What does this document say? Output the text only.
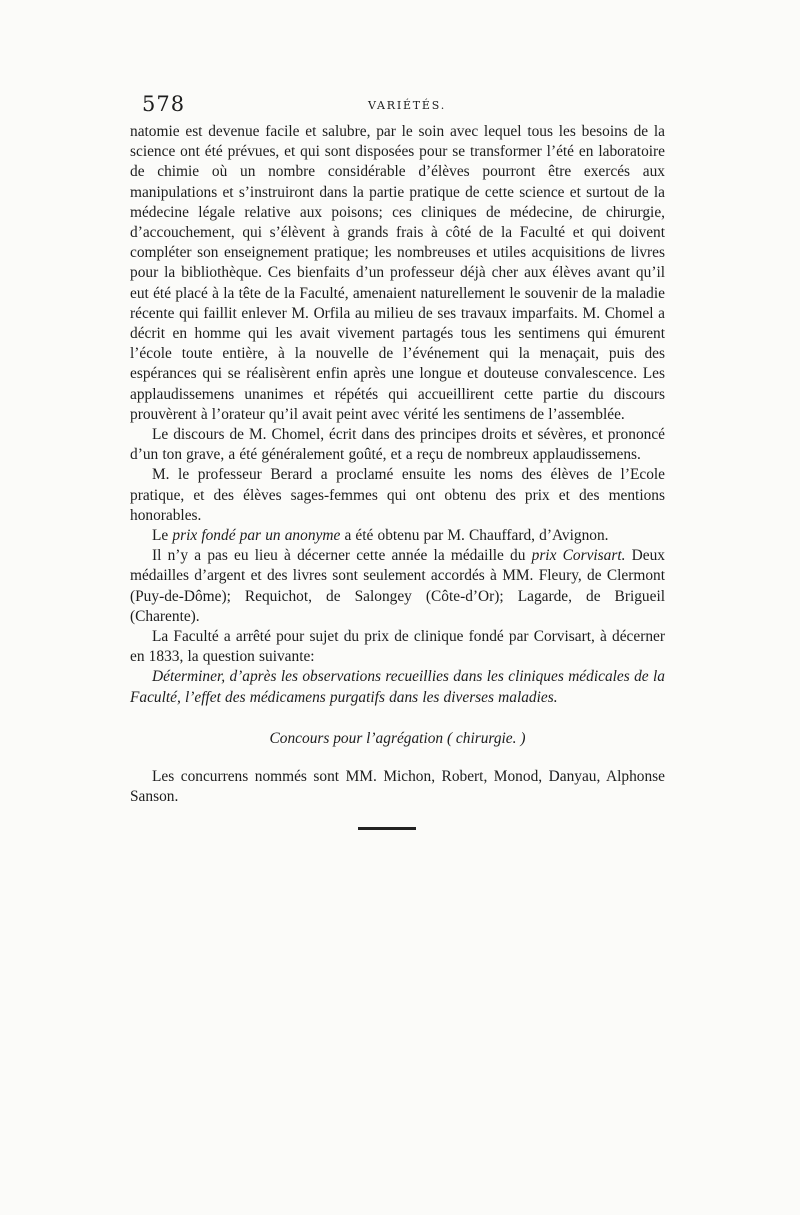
578	VARIÉTÉS.

natomie est devenue facile et salubre, par le soin avec lequel tous les besoins de la science ont été prévues, et qui sont disposées pour se transformer l’été en laboratoire de chimie où un nombre considérable d’élèves pourront être exercés aux manipulations et s’instruiront dans la partie pratique de cette science et surtout de la médecine légale relative aux poisons; ces cliniques de médecine, de chirurgie, d’accouchement, qui s’élèvent à grands frais à côté de la Faculté et qui doivent compléter son enseignement pratique; les nombreuses et utiles acquisitions de livres pour la bibliothèque. Ces bienfaits d’un professeur déjà cher aux élèves avant qu’il eut été placé à la tête de la Faculté, amenaient naturellement le souvenir de la maladie récente qui faillit enlever M. Orfila au milieu de ses travaux imparfaits. M. Chomel a décrit en homme qui les avait vivement partagés tous les sentimens qui émurent l’école toute entière, à la nouvelle de l’événement qui la menaçait, puis des espérances qui se réalisèrent enfin après une longue et douteuse convalescence. Les applaudissemens unanimes et répétés qui accueillirent cette partie du discours prouvèrent à l’orateur qu’il avait peint avec vérité les sentimens de l’assemblée.

Le discours de M. Chomel, écrit dans des principes droits et sévères, et prononcé d’un ton grave, a été généralement goûté, et a reçu de nombreux applaudissemens.

M. le professeur Berard a proclamé ensuite les noms des élèves de l’Ecole pratique, et des élèves sages-femmes qui ont obtenu des prix et des mentions honorables.

Le prix fondé par un anonyme a été obtenu par M. Chauffard, d’Avignon.

Il n’y a pas eu lieu à décerner cette année la médaille du prix Corvisart. Deux médailles d’argent et des livres sont seulement accordés à MM. Fleury, de Clermont (Puy-de-Dôme); Requichot, de Salongey (Côte-d’Or); Lagarde, de Brigueil (Charente).

La Faculté a arrêté pour sujet du prix de clinique fondé par Corvisart, à décerner en 1833, la question suivante:

Déterminer, d’après les observations recueillies dans les cliniques médicales de la Faculté, l’effet des médicamens purgatifs dans les diverses maladies.

Concours pour l’agrégation ( chirurgie. )

Les concurrens nommés sont MM. Michon, Robert, Monod, Danyau, Alphonse Sanson.
